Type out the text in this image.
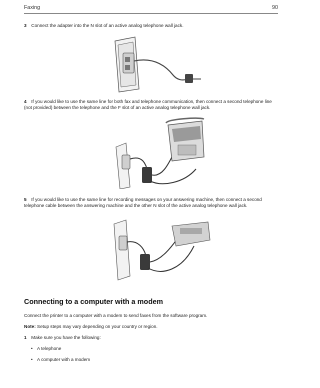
Faxing	90
3 Connect the adapter into the N slot of an active analog telephone wall jack.
4 If you would like to use the same line for both fax and telephone communication, then connect a second telephone line (not provided) between the telephone and the F slot of an active analog telephone wall jack.
5 If you would like to use the same line for recording messages on your answering machine, then connect a second telephone cable between the answering machine and the other N slot of the active analog telephone wall jack.
Connecting to a computer with a modem
Connect the printer to a computer with a modem to send faxes from the software program.
Note: Setup steps may vary depending on your country or region.
1 Make sure you have the following:
• A telephone
• A computer with a modem
